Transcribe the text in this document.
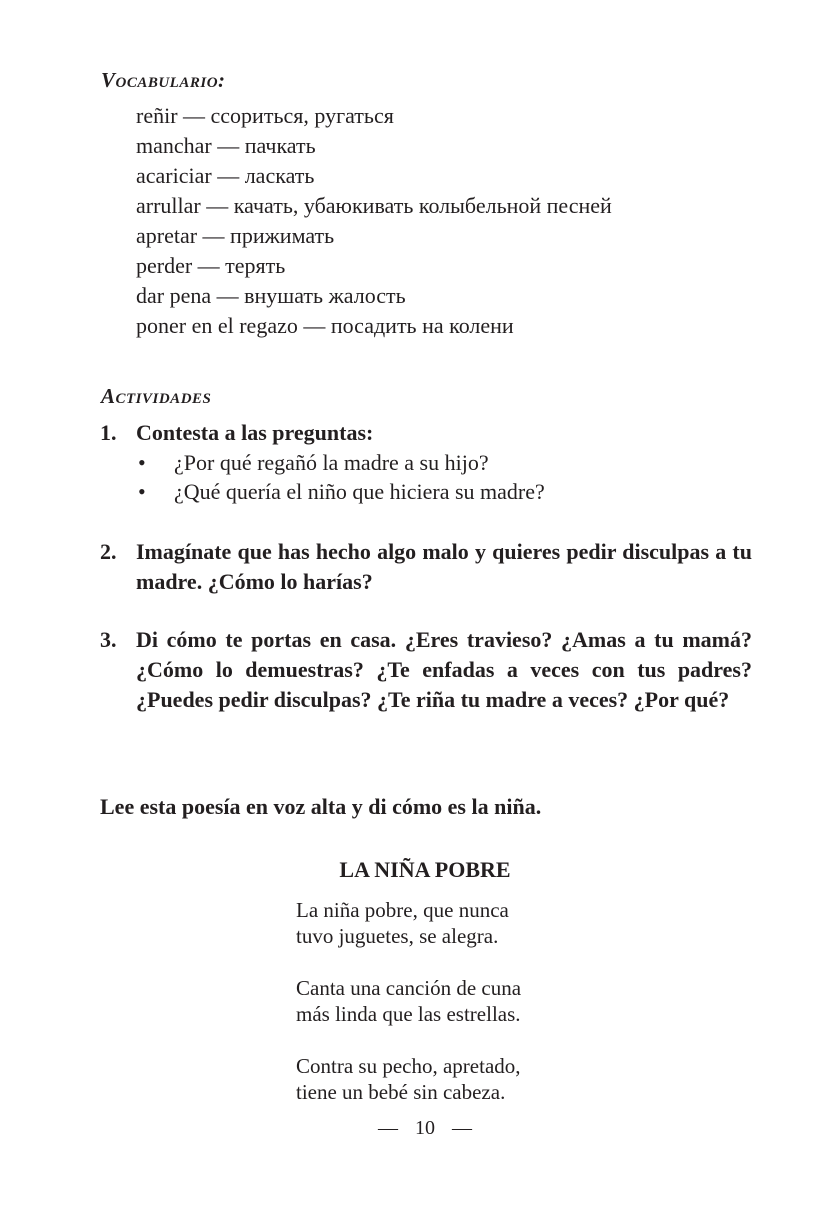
Vocabulario:
reñir — ссориться, ругаться
manchar — пачкать
acariciar — ласкать
arrullar — качать, убаюкивать колыбельной песней
apretar — прижимать
perder — терять
dar pena — внушать жалость
poner en el regazo — посадить на колени
Actividades
1. Contesta a las preguntas:
• ¿Por qué regañó la madre a su hijo?
• ¿Qué quería el niño que hiciera su madre?
2. Imagínate que has hecho algo malo y quieres pedir disculpas a tu madre. ¿Cómo lo harías?
3. Di cómo te portas en casa. ¿Eres travieso? ¿Amas a tu mamá? ¿Cómo lo demuestras? ¿Te enfadas a veces con tus padres? ¿Puedes pedir disculpas? ¿Te riña tu madre a veces? ¿Por qué?
Lee esta poesía en voz alta y di cómo es la niña.
LA NIÑA POBRE
La niña pobre, que nunca
tuvo juguetes, se alegra.
Canta una canción de cuna
más linda que las estrellas.
Contra su pecho, apretado,
tiene un bebé sin cabeza.
— 10 —
